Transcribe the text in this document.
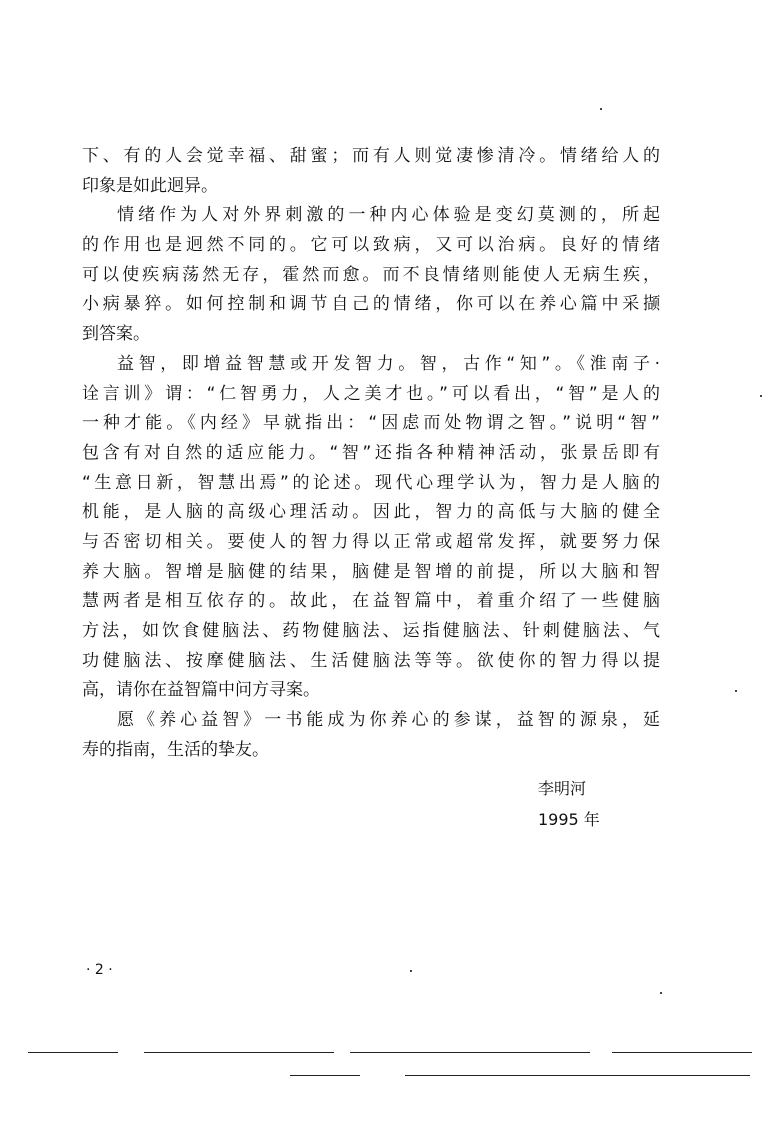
下、有的人会觉幸福、甜蜜；而有人则觉凄惨清冷。情绪给人的
印象是如此迥异。
情绪作为人对外界刺激的一种内心体验是变幻莫测的，所起
的作用也是迥然不同的。它可以致病，又可以治病。良好的情绪
可以使疾病荡然无存，霍然而愈。而不良情绪则能使人无病生疾，
小病暴猝。如何控制和调节自己的情绪，你可以在养心篇中采撷
到答案。
益智，即增益智慧或开发智力。智，古作“知”。《淮南子·
诠言训》谓：“仁智勇力，人之美才也。”可以看出，“智”是人的
一种才能。《内经》早就指出：“因虑而处物谓之智。”说明“智”
包含有对自然的适应能力。“智”还指各种精神活动，张景岳即有
“生意日新，智慧出焉”的论述。现代心理学认为，智力是人脑的
机能，是人脑的高级心理活动。因此，智力的高低与大脑的健全
与否密切相关。要使人的智力得以正常或超常发挥，就要努力保
养大脑。智增是脑健的结果，脑健是智增的前提，所以大脑和智
慧两者是相互依存的。故此，在益智篇中，着重介绍了一些健脑
方法，如饮食健脑法、药物健脑法、运指健脑法、针刺健脑法、气
功健脑法、按摩健脑法、生活健脑法等等。欲使你的智力得以提
高，请你在益智篇中问方寻案。
愿《养心益智》一书能成为你养心的参谋，益智的源泉，延
寿的指南，生活的挚友。
李明河
1995 年
· 2 ·
